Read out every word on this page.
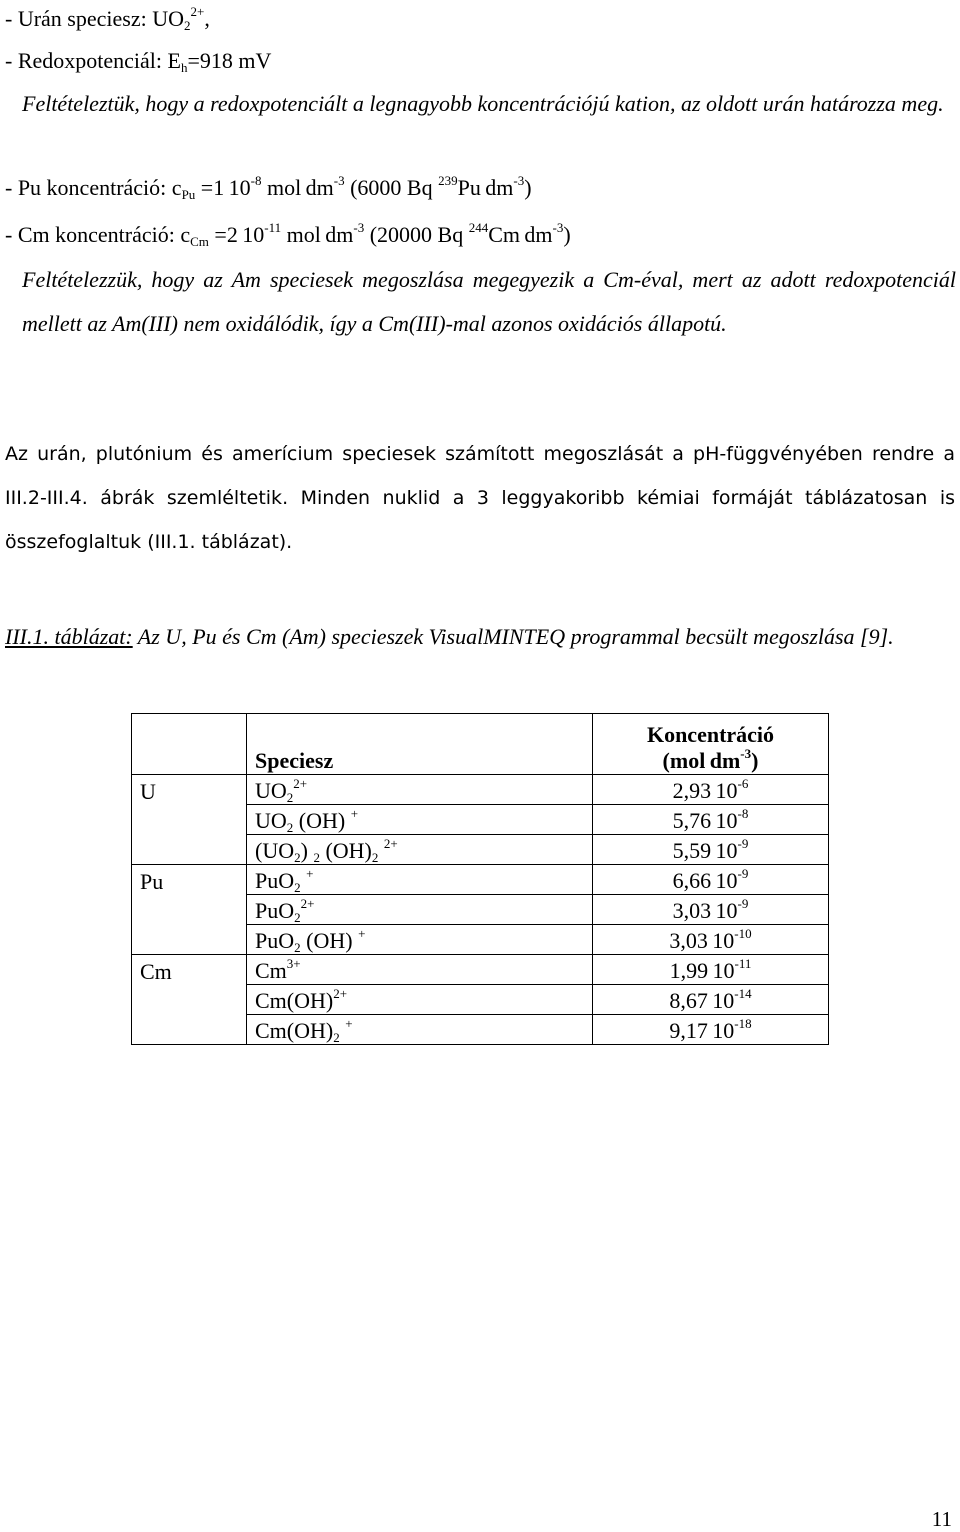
- Urán speciesz: $UO_2^{2+}$,
- Redoxpotenciál: $E_h=918$ mV
Feltételeztük, hogy a redoxpotenciált a legnagyobb koncentrációjú kation, az oldott urán határozza meg.
- Pu koncentráció: $c_{Pu} =1$  $10^{-8}$ mol  $dm^{-3}$ (6000 Bq $^{239}$Pu  $dm^{-3}$)
- Cm koncentráció: $c_{Cm} =2$  $10^{-11}$ mol  $dm^{-3}$ (20000 Bq $^{244}$Cm  $dm^{-3}$)
Feltételezzük, hogy az Am speciesek megoszlása megegyezik a Cm-éval, mert az adott redoxpotenciál mellett az Am(III) nem oxidálódik, így a Cm(III)-mal azonos oxidációs állapotú.
Az urán, plutónium és amerícium speciesek számított megoszlását a pH-függvényében rendre a III.2-III.4. ábrák szemléltetik. Minden nuklid a 3 leggyakoribb kémiai formáját táblázatosan is összefoglaltuk (III.1. táblázat).
III.1. táblázat: Az U, Pu és Cm (Am) specieszek VisualMINTEQ programmal becsült megoszlása [9].
	Speciesz	Koncentráció
(mol  $dm^{-3}$)
U	$UO_2^{2+}$	2,93  $10^{-6}$
	$UO_2$ (OH) +	5,76  $10^{-8}$
	$(UO_2)$ $_2$ $(OH)_2$ $^{2+}$	5,59  $10^{-9}$
Pu	PuO$_2$ +	6,66  $10^{-9}$
	PuO$_2^{2+}$	3,03  $10^{-9}$
	PuO$_2$ (OH) +	3,03  $10^{-10}$
Cm	$Cm^{3+}$	1,99  $10^{-11}$
	Cm(OH)$^{2+}$	8,67  $10^{-14}$
	$Cm(OH)_2$ +	9,17  $10^{-18}$
11
